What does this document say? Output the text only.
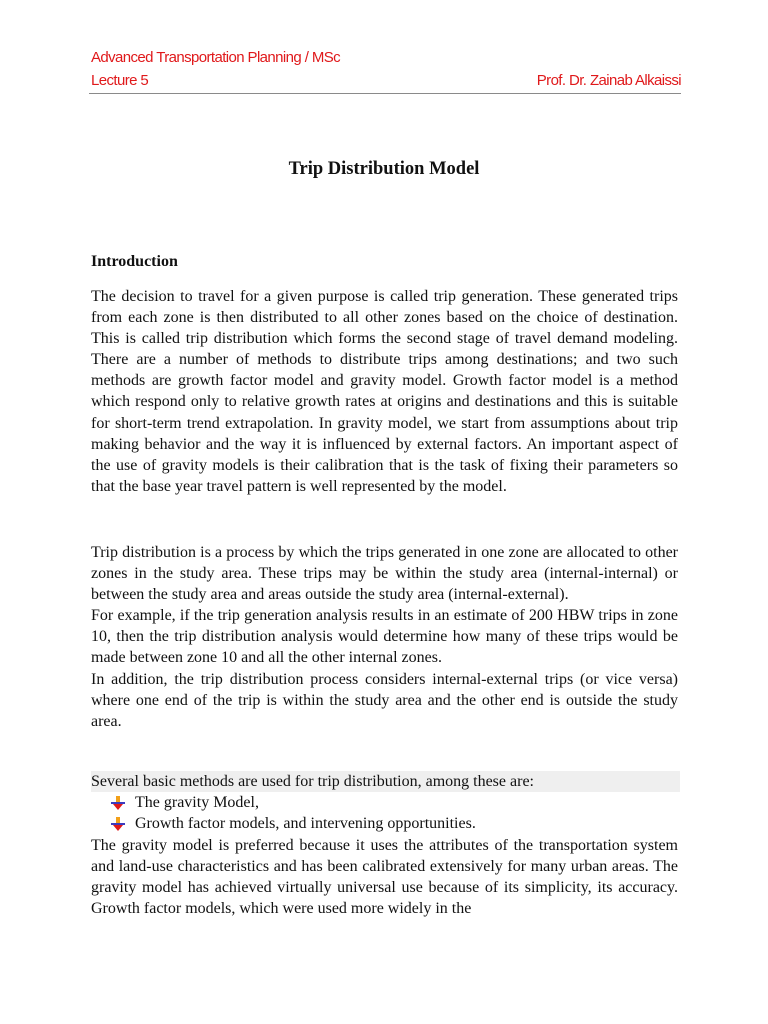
Advanced Transportation Planning / MSc
Lecture 5	Prof. Dr. Zainab Alkaissi
Trip Distribution Model
Introduction

The decision to travel for a given purpose is called trip generation. These generated trips from each zone is then distributed to all other zones based on the choice of destination. This is called trip distribution which forms the second stage of travel demand modeling. There are a number of methods to distribute trips among destinations; and two such methods are growth factor model and gravity model. Growth factor model is a method which respond only to relative growth rates at origins and destinations and this is suitable for short-term trend extrapolation. In gravity model, we start from assumptions about trip making behavior and the way it is influenced by external factors. An important aspect of the use of gravity models is their calibration that is the task of fixing their parameters so that the base year travel pattern is well represented by the model.

Trip distribution is a process by which the trips generated in one zone are allocated to other zones in the study area. These trips may be within the study area (internal-internal) or between the study area and areas outside the study area (internal-external).
For example, if the trip generation analysis results in an estimate of 200 HBW trips in zone 10, then the trip distribution analysis would determine how many of these trips would be made between zone 10 and all the other internal zones.
In addition, the trip distribution process considers internal-external trips (or vice versa) where one end of the trip is within the study area and the other end is outside the study area.
Several basic methods are used for trip distribution, among these are:
The gravity Model,
Growth factor models, and intervening opportunities.

The gravity model is preferred because it uses the attributes of the transportation system and land-use characteristics and has been calibrated extensively for many urban areas. The gravity model has achieved virtually universal use because of its simplicity, its accuracy. Growth factor models, which were used more widely in the
